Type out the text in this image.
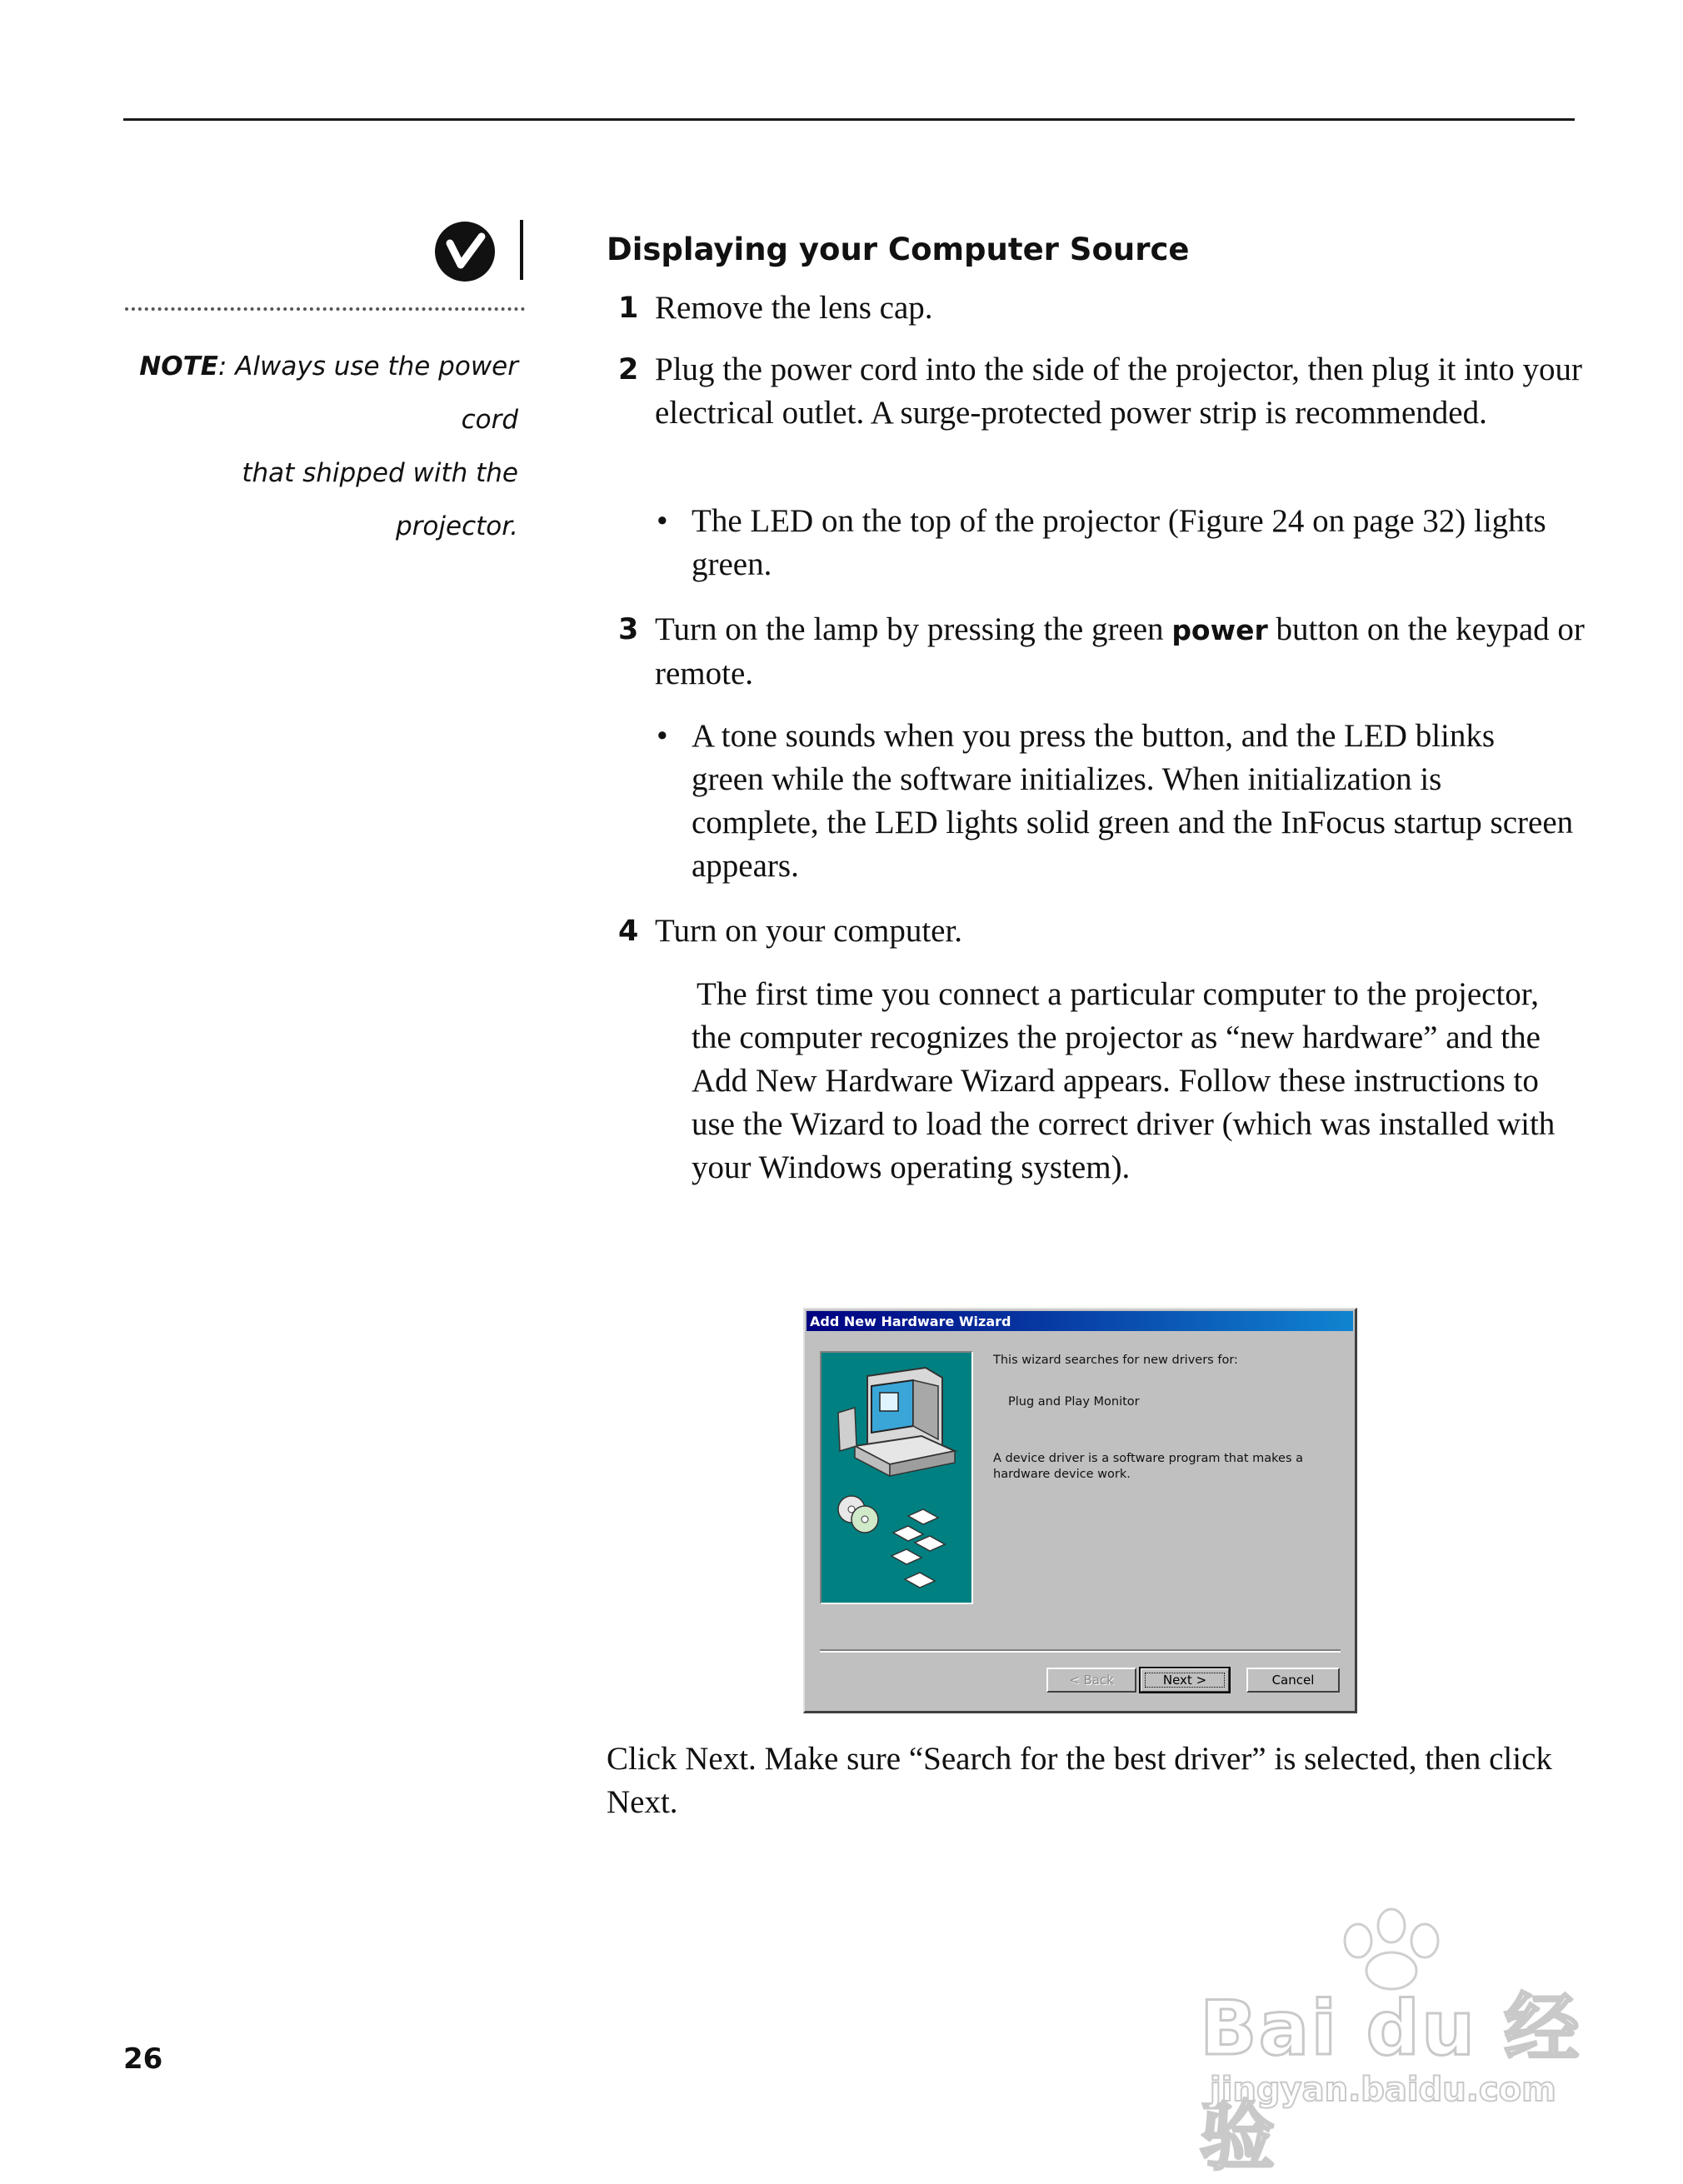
NOTE: Always use the power cord
that shipped with the projector.
Displaying your Computer Source
1 Remove the lens cap.
2 Plug the power cord into the side of the projector, then plug it into your electrical outlet. A surge-protected power strip is recommended.
• The LED on the top of the projector (Figure 24 on page 32) lights green.
3 Turn on the lamp by pressing the green power button on the keypad or remote.
• A tone sounds when you press the button, and the LED blinks green while the software initializes. When initialization is complete, the LED lights solid green and the InFocus startup screen appears.
4 Turn on your computer.
The first time you connect a particular computer to the projector, the computer recognizes the projector as “new hardware” and the Add New Hardware Wizard appears. Follow these instructions to use the Wizard to load the correct driver (which was installed with your Windows operating system).
Add New Hardware Wizard
This wizard searches for new drivers for:
Plug and Play Monitor
A device driver is a software program that makes a hardware device work.
< Back	Next >	Cancel
Click Next. Make sure “Search for the best driver” is selected, then click Next.
26	Bai du 经验
jingyan.baidu.com
